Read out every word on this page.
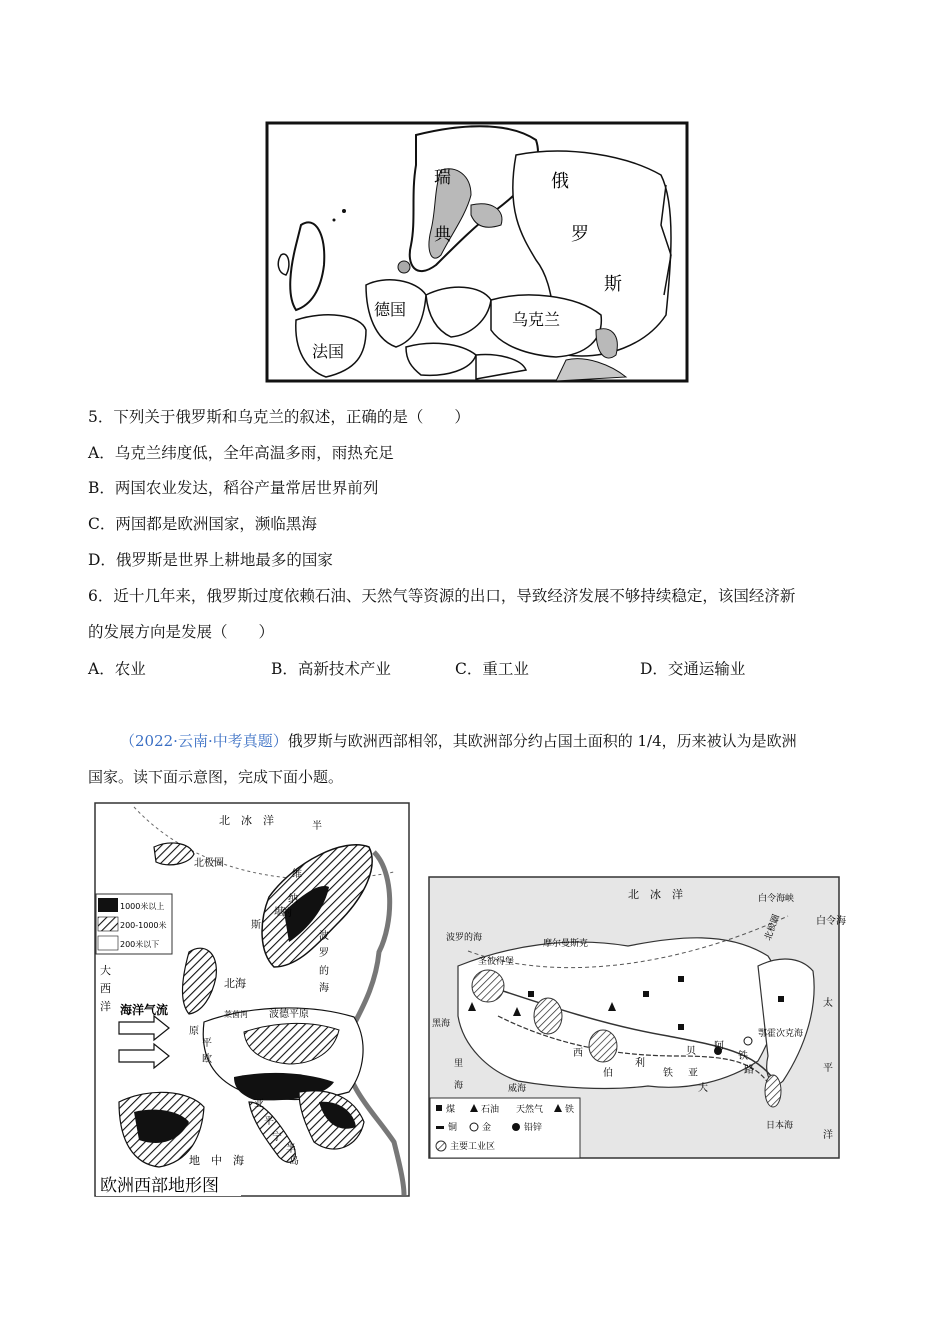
瑞
典
俄
罗
斯
德国
乌克兰
法国
5．下列关于俄罗斯和乌克兰的叙述，正确的是（　　）
A．乌克兰纬度低，全年高温多雨，雨热充足
B．两国农业发达，稻谷产量常居世界前列
C．两国都是欧洲国家，濒临黑海
D．俄罗斯是世界上耕地最多的国家
6．近十几年来，俄罗斯过度依赖石油、天然气等资源的出口，导致经济发展不够持续稳定，该国经济新
的发展方向是发展（　　）
A．农业	B．高新技术产业	C．重工业	D．交通运输业
（2022·云南·中考真题）俄罗斯与欧洲西部相邻，其欧洲部分约占国土面积的 1/4，历来被认为是欧洲
国家。读下面示意图，完成下面小题。
1000米以上
200-1000米
200米以下
北　冰　洋
北极圈
大
西
洋
北海
海洋气流
半
维
纳
的
堪
斯
波
罗
的
海
原
平
欧
莱茵河 波德平原
亚
平
宁
半
岛
地　中　海
欧洲西部地形图
煤	石油 天然气 铁
铜	金	铅锌
主要工业区
北　冰　洋	白令海峡
白令海
太
平
洋
北极圈
波罗的海
摩尔曼斯克
圣彼得堡
黑海
里
海
西
伯
利
亚
贝 阿
铁
路
威海
鄂霍次克海
日本海
大
铁
